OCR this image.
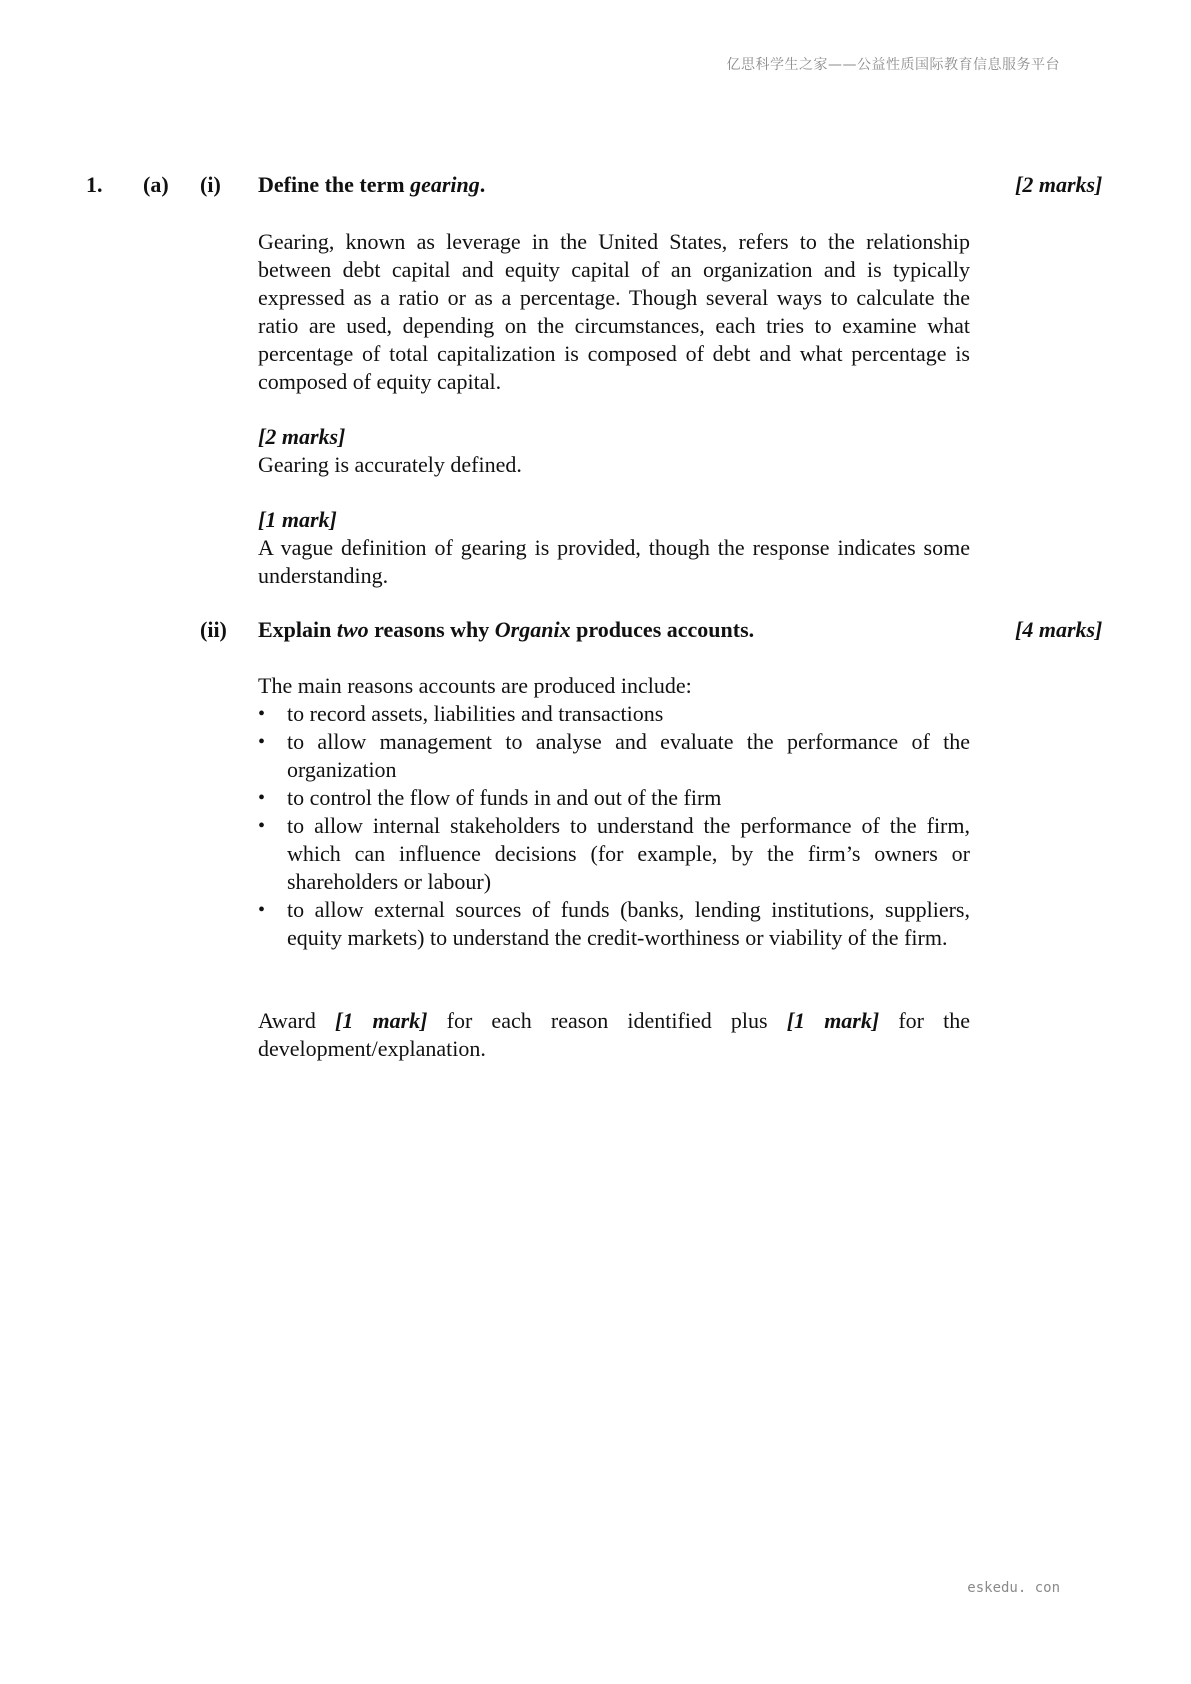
亿思科学生之家——公益性质国际教育信息服务平台
1. (a) (i) Define the term gearing.	[2 marks]

Gearing, known as leverage in the United States, refers to the relationship between debt capital and equity capital of an organization and is typically expressed as a ratio or as a percentage. Though several ways to calculate the ratio are used, depending on the circumstances, each tries to examine what percentage of total capitalization is composed of debt and what percentage is composed of equity capital.

[2 marks]
Gearing is accurately defined.
[1 mark]
A vague definition of gearing is provided, though the response indicates some understanding.
(ii) Explain two reasons why Organix produces accounts.	[4 marks]

The main reasons accounts are produced include:

• to record assets, liabilities and transactions
• to allow management to analyse and evaluate the performance of the organization
• to control the flow of funds in and out of the firm
• to allow internal stakeholders to understand the performance of the firm, which can influence decisions (for example, by the firm’s owners or shareholders or labour)
• to allow external sources of funds (banks, lending institutions, suppliers, equity markets) to understand the credit-worthiness or viability of the firm.

Award [1 mark] for each reason identified plus [1 mark] for the development/explanation.

eskedu. con
